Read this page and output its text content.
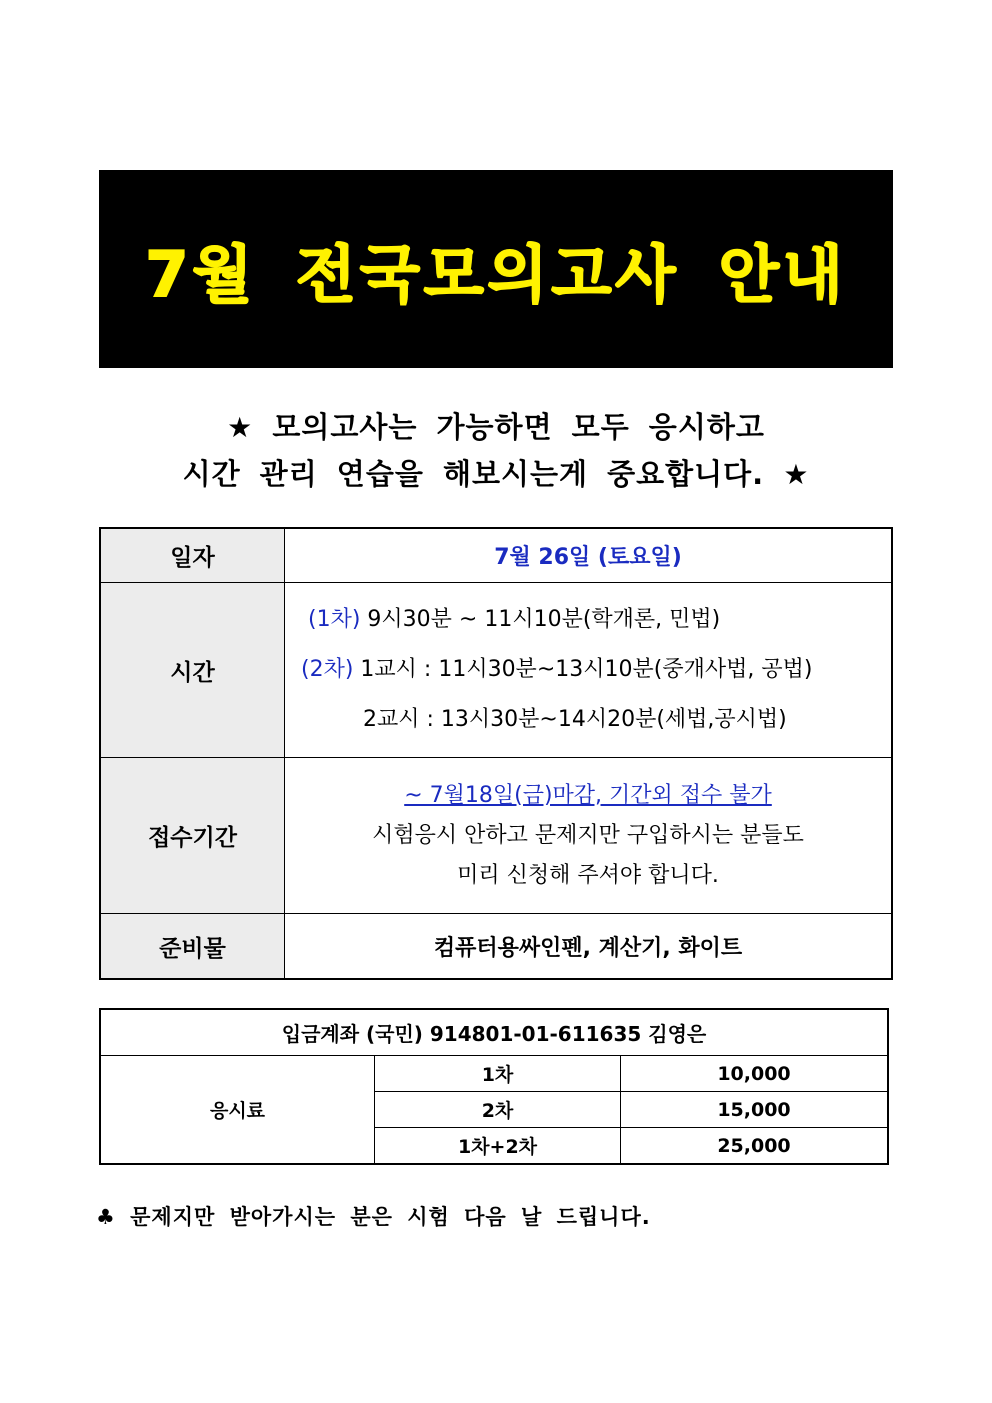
7월 전국모의고사 안내
★ 모의고사는 가능하면 모두 응시하고
시간 관리 연습을 해보시는게 중요합니다. ★
일자	7월 26일 (토요일)
시간	(1차) 9시30분 ~ 11시10분(학개론, 민법)
(2차) 1교시 : 11시30분~13시10분(중개사법, 공법)
2교시 : 13시30분~14시20분(세법,공시법)

접수기간	~ 7월18일(금)마감, 기간외 접수 불가
시험응시 안하고 문제지만 구입하시는 분들도
미리 신청해 주셔야 합니다.

준비물	컴퓨터용싸인펜, 계산기, 화이트
입금계좌 (국민) 914801-01-611635 김영은		
응시료	1차	10,000
	2차	15,000
	1차+2차	25,000
♣ 문제지만 받아가시는 분은 시험 다음 날 드립니다.
